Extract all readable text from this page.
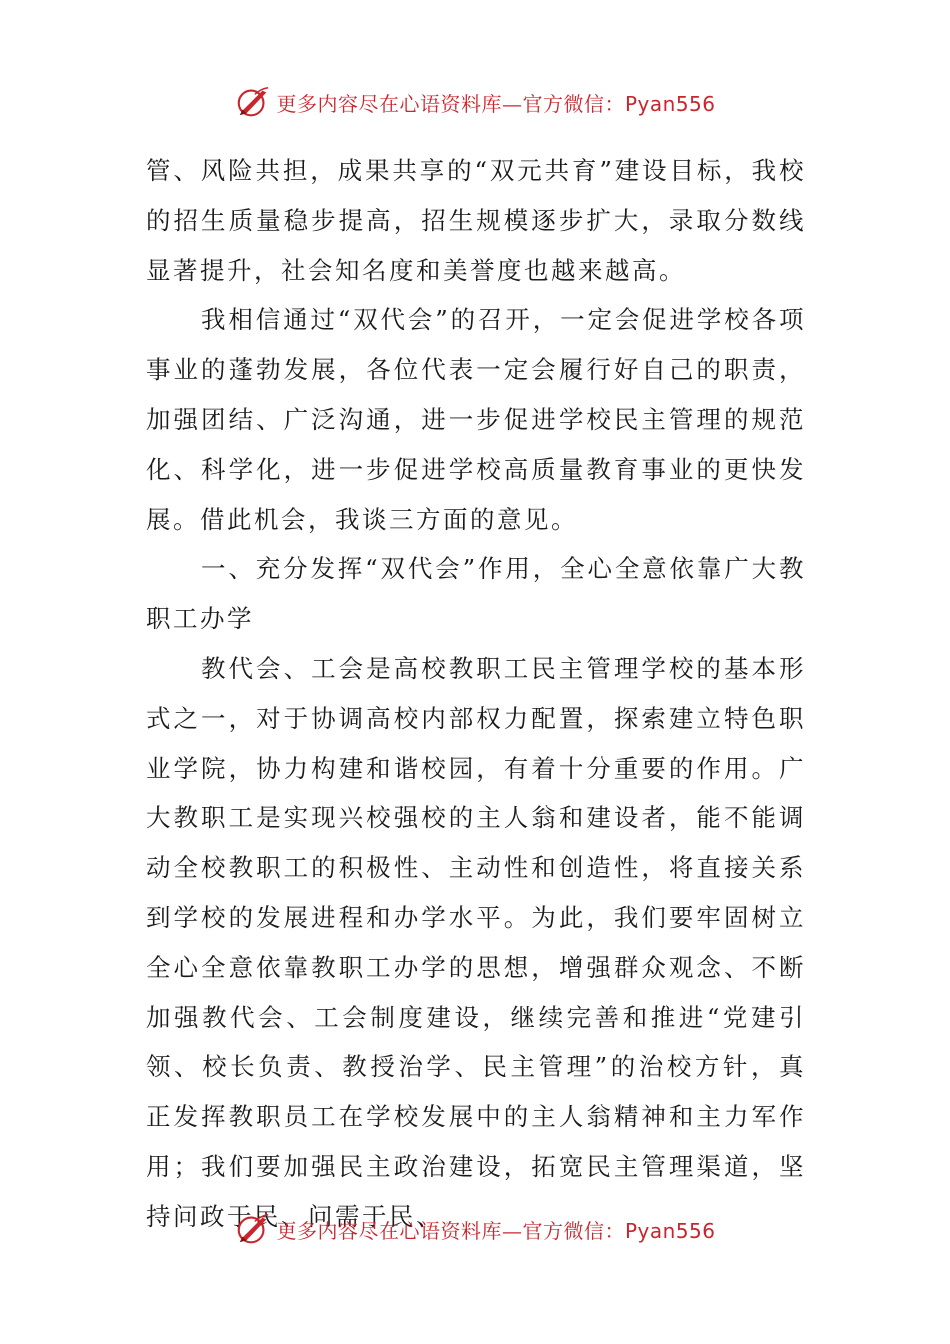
更多内容尽在心语资料库—官方微信：Pyan556

管、风险共担，成果共享的“双元共育”建设目标，我校的招生质量稳步提高，招生规模逐步扩大，录取分数线显著提升，社会知名度和美誉度也越来越高。

我相信通过“双代会”的召开，一定会促进学校各项事业的蓬勃发展，各位代表一定会履行好自己的职责，加强团结、广泛沟通，进一步促进学校民主管理的规范化、科学化，进一步促进学校高质量教育事业的更快发展。借此机会，我谈三方面的意见。

一、充分发挥“双代会”作用，全心全意依靠广大教职工办学

教代会、工会是高校教职工民主管理学校的基本形式之一，对于协调高校内部权力配置，探索建立特色职业学院，协力构建和谐校园，有着十分重要的作用。广大教职工是实现兴校强校的主人翁和建设者，能不能调动全校教职工的积极性、主动性和创造性，将直接关系到学校的发展进程和办学水平。为此，我们要牢固树立全心全意依靠教职工办学的思想，增强群众观念、不断加强教代会、工会制度建设，继续完善和推进“党建引领、校长负责、教授治学、民主管理”的治校方针，真正发挥教职员工在学校发展中的主人翁精神和主力军作用；我们要加强民主政治建设，拓宽民主管理渠道，坚持问政于民、问需于民、

更多内容尽在心语资料库—官方微信：Pyan556
